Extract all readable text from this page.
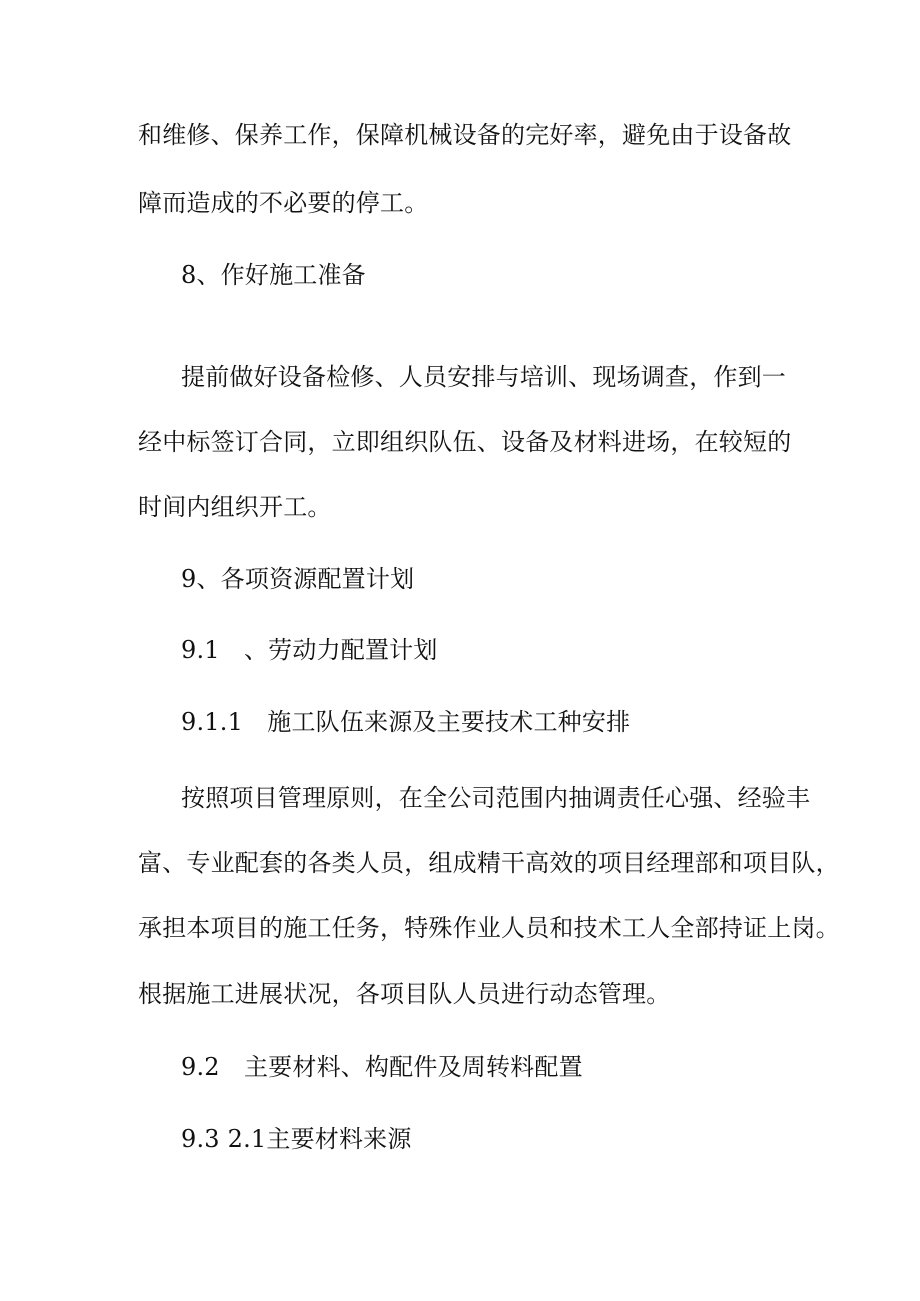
和维修、保养工作，保障机械设备的完好率，避免由于设备故
障而造成的不必要的停工。
8、作好施工准备
提前做好设备检修、人员安排与培训、现场调查，作到一
经中标签订合同，立即组织队伍、设备及材料进场，在较短的
时间内组织开工。
9、各项资源配置计划
9.1　、劳动力配置计划
9.1.1　施工队伍来源及主要技术工种安排
按照项目管理原则，在全公司范围内抽调责任心强、经验丰
富、专业配套的各类人员，组成精干高效的项目经理部和项目队，
承担本项目的施工任务，特殊作业人员和技术工人全部持证上岗。
根据施工进展状况，各项目队人员进行动态管理。
9.2　主要材料、构配件及周转料配置
9.3 2.1主要材料来源
